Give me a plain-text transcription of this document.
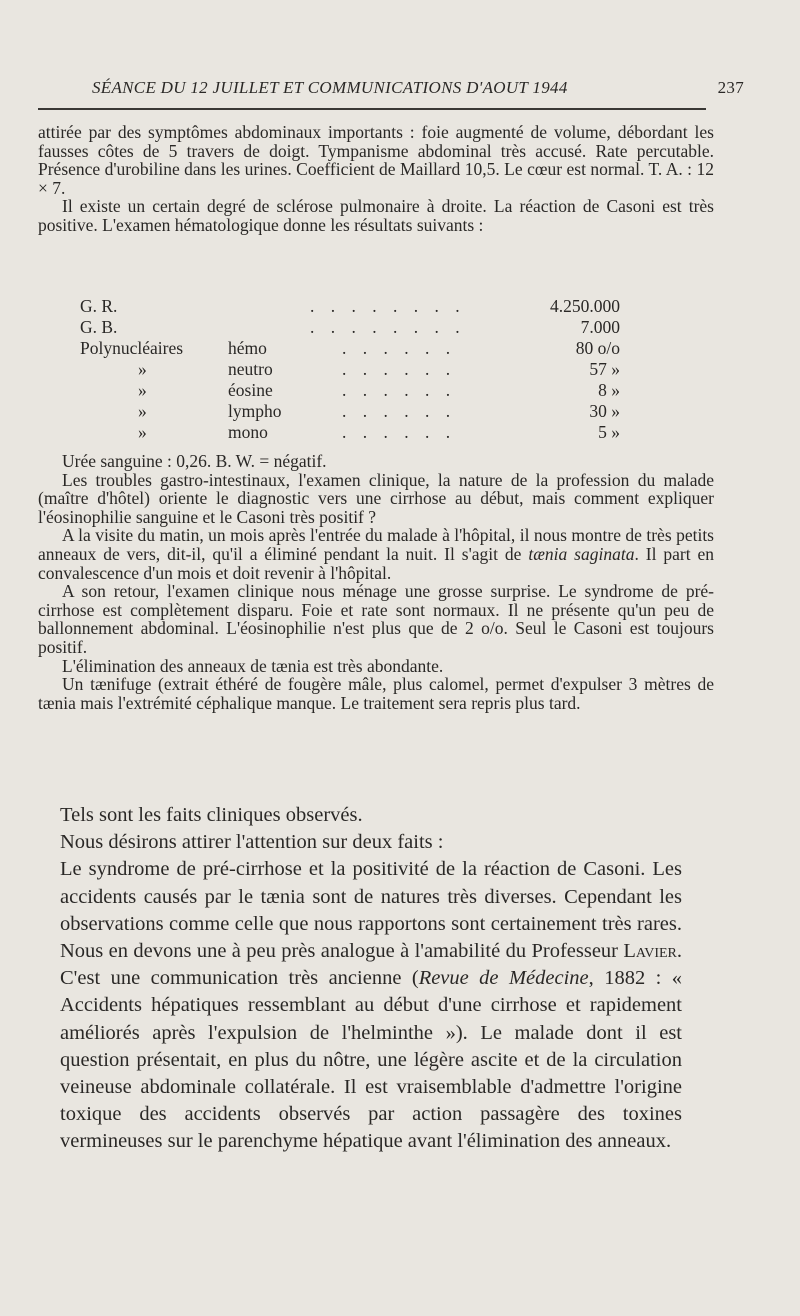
SÉANCE DU 12 JUILLET ET COMMUNICATIONS D'AOUT 1944	237

attirée par des symptômes abdominaux importants : foie augmenté de volume, débordant les fausses côtes de 5 travers de doigt. Tympanisme abdominal très accusé. Rate percutable. Présence d'urobiline dans les urines. Coefficient de Maillard 10,5. Le cœur est normal. T. A. : 12 × 7.

Il existe un certain degré de sclérose pulmonaire à droite. La réaction de Casoni est très positive. L'examen hématologique donne les résultats suivants :

G. R.	. . . . . . . .	4.250.000
G. B.	. . . . . . . .	7.000
Polynucléaires	hémo	. . . . . .	80 o/o
»	neutro	. . . . . .	57 »
»	éosine	. . . . . .	8 »
»	lympho	. . . . . .	30 »
»	mono	. . . . . .	5 »

Urée sanguine : 0,26. B. W. = négatif.

Les troubles gastro-intestinaux, l'examen clinique, la nature de la profession du malade (maître d'hôtel) oriente le diagnostic vers une cirrhose au début, mais comment expliquer l'éosinophilie sanguine et le Casoni très positif ?

A la visite du matin, un mois après l'entrée du malade à l'hôpital, il nous montre de très petits anneaux de vers, dit-il, qu'il a éliminé pendant la nuit. Il s'agit de tænia saginata. Il part en convalescence d'un mois et doit revenir à l'hôpital.

A son retour, l'examen clinique nous ménage une grosse surprise. Le syndrome de pré-cirrhose est complètement disparu. Foie et rate sont normaux. Il ne présente qu'un peu de ballonnement abdominal. L'éosinophilie n'est plus que de 2 o/o. Seul le Casoni est toujours positif.

L'élimination des anneaux de tænia est très abondante.

Un tænifuge (extrait éthéré de fougère mâle, plus calomel, permet d'expulser 3 mètres de tænia mais l'extrémité céphalique manque. Le traitement sera repris plus tard.

Tels sont les faits cliniques observés.

Nous désirons attirer l'attention sur deux faits :

Le syndrome de pré-cirrhose et la positivité de la réaction de Casoni. Les accidents causés par le tænia sont de natures très diverses. Cependant les observations comme celle que nous rapportons sont certainement très rares. Nous en devons une à peu près analogue à l'amabilité du Professeur Lavier. C'est une communication très ancienne (Revue de Médecine, 1882 : « Accidents hépatiques ressemblant au début d'une cirrhose et rapidement améliorés après l'expulsion de l'helminthe »). Le malade dont il est question présentait, en plus du nôtre, une légère ascite et de la circulation veineuse abdominale collatérale. Il est vraisemblable d'admettre l'origine toxique des accidents observés par action passagère des toxines vermineuses sur le parenchyme hépatique avant l'élimination des anneaux.
